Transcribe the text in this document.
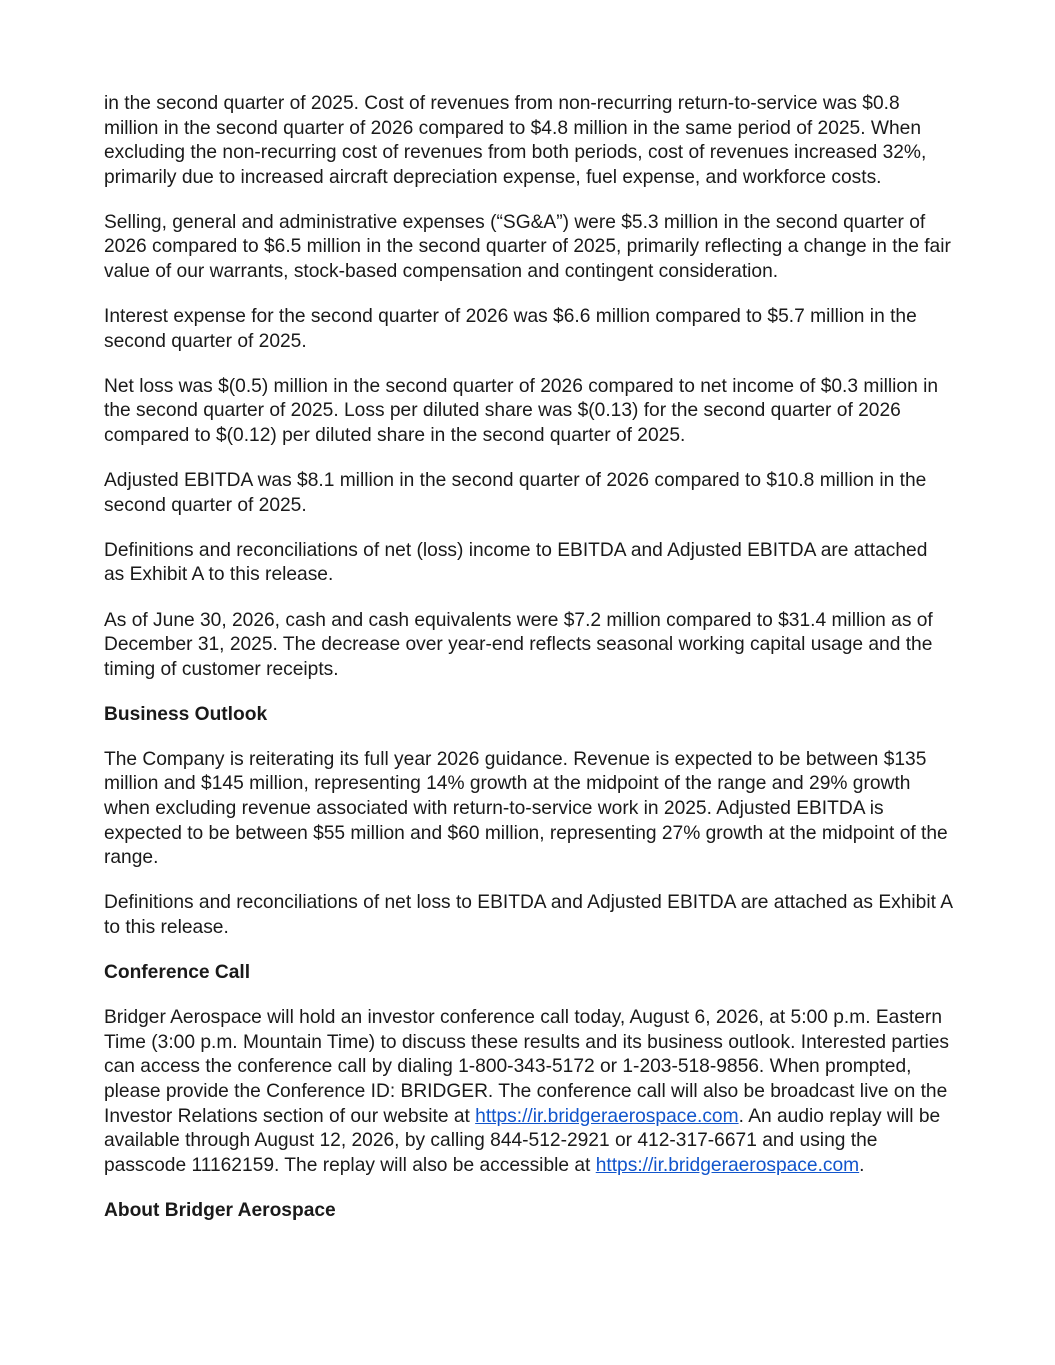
in the second quarter of 2025. Cost of revenues from non-recurring return-to-service was $0.8 million in the second quarter of 2026 compared to $4.8 million in the same period of 2025. When excluding the non-recurring cost of revenues from both periods, cost of revenues increased 32%, primarily due to increased aircraft depreciation expense, fuel expense, and workforce costs.

Selling, general and administrative expenses (“SG&A”) were $5.3 million in the second quarter of 2026 compared to $6.5 million in the second quarter of 2025, primarily reflecting a change in the fair value of our warrants, stock-based compensation and contingent consideration.

Interest expense for the second quarter of 2026 was $6.6 million compared to $5.7 million in the second quarter of 2025.

Net loss was $(0.5) million in the second quarter of 2026 compared to net income of $0.3 million in the second quarter of 2025. Loss per diluted share was $(0.13) for the second quarter of 2026 compared to $(0.12) per diluted share in the second quarter of 2025.

Adjusted EBITDA was $8.1 million in the second quarter of 2026 compared to $10.8 million in the second quarter of 2025.

Definitions and reconciliations of net (loss) income to EBITDA and Adjusted EBITDA are attached as Exhibit A to this release.

As of June 30, 2026, cash and cash equivalents were $7.2 million compared to $31.4 million as of December 31, 2025. The decrease over year-end reflects seasonal working capital usage and the timing of customer receipts.

Business Outlook

The Company is reiterating its full year 2026 guidance. Revenue is expected to be between $135 million and $145 million, representing 14% growth at the midpoint of the range and 29% growth when excluding revenue associated with return-to-service work in 2025. Adjusted EBITDA is expected to be between $55 million and $60 million, representing 27% growth at the midpoint of the range.

Definitions and reconciliations of net loss to EBITDA and Adjusted EBITDA are attached as Exhibit A to this release.

Conference Call

Bridger Aerospace will hold an investor conference call today, August 6, 2026, at 5:00 p.m. Eastern Time (3:00 p.m. Mountain Time) to discuss these results and its business outlook. Interested parties can access the conference call by dialing 1-800-343-5172 or 1-203-518-9856. When prompted, please provide the Conference ID: BRIDGER. The conference call will also be broadcast live on the Investor Relations section of our website at https://ir.bridgeraerospace.com. An audio replay will be available through August 12, 2026, by calling 844-512-2921 or 412-317-6671 and using the passcode 11162159. The replay will also be accessible at https://ir.bridgeraerospace.com.

About Bridger Aerospace
